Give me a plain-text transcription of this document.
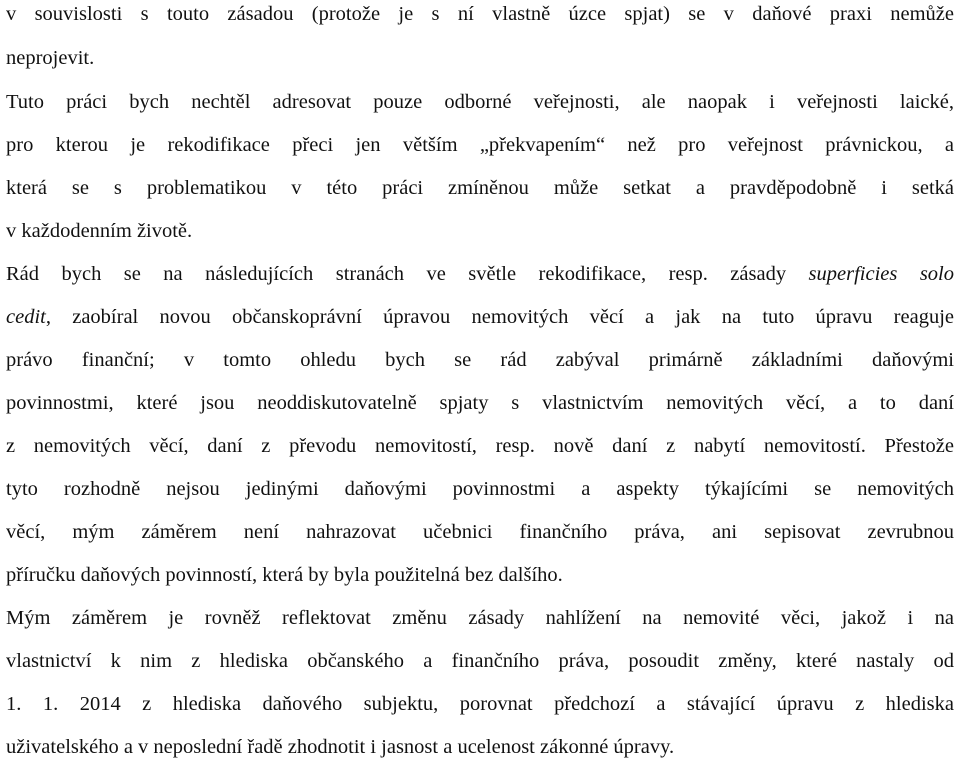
v souvislosti s touto zásadou (protože je s ní vlastně úzce spjat) se v daňové praxi nemůže
neprojevit.
Tuto práci bych nechtěl adresovat pouze odborné veřejnosti, ale naopak i veřejnosti laické,
pro kterou je rekodifikace přeci jen větším „překvapením“ než pro veřejnost právnickou, a
která se s problematikou v této práci zmíněnou může setkat a pravděpodobně i setká
v každodenním životě.
Rád bych se na následujících stranách ve světle rekodifikace, resp. zásady superficies solo
cedit, zaobíral novou občanskoprávní úpravou nemovitých věcí a jak na tuto úpravu reaguje
právo finanční; v tomto ohledu bych se rád zabýval primárně základními daňovými
povinnostmi, které jsou neoddiskutovatelně spjaty s vlastnictvím nemovitých věcí, a to daní
z nemovitých věcí, daní z převodu nemovitostí, resp. nově daní z nabytí nemovitostí. Přestože
tyto rozhodně nejsou jedinými daňovými povinnostmi a aspekty týkajícími se nemovitých
věcí, mým záměrem není nahrazovat učebnici finančního práva, ani sepisovat zevrubnou
příručku daňových povinností, která by byla použitelná bez dalšího.
Mým záměrem je rovněž reflektovat změnu zásady nahlížení na nemovité věci, jakož i na
vlastnictví k nim z hlediska občanského a finančního práva, posoudit změny, které nastaly od
1. 1. 2014 z hlediska daňového subjektu, porovnat předchozí a stávající úpravu z hlediska
uživatelského a v neposlední řadě zhodnotit i jasnost a ucelenost zákonné úpravy.
